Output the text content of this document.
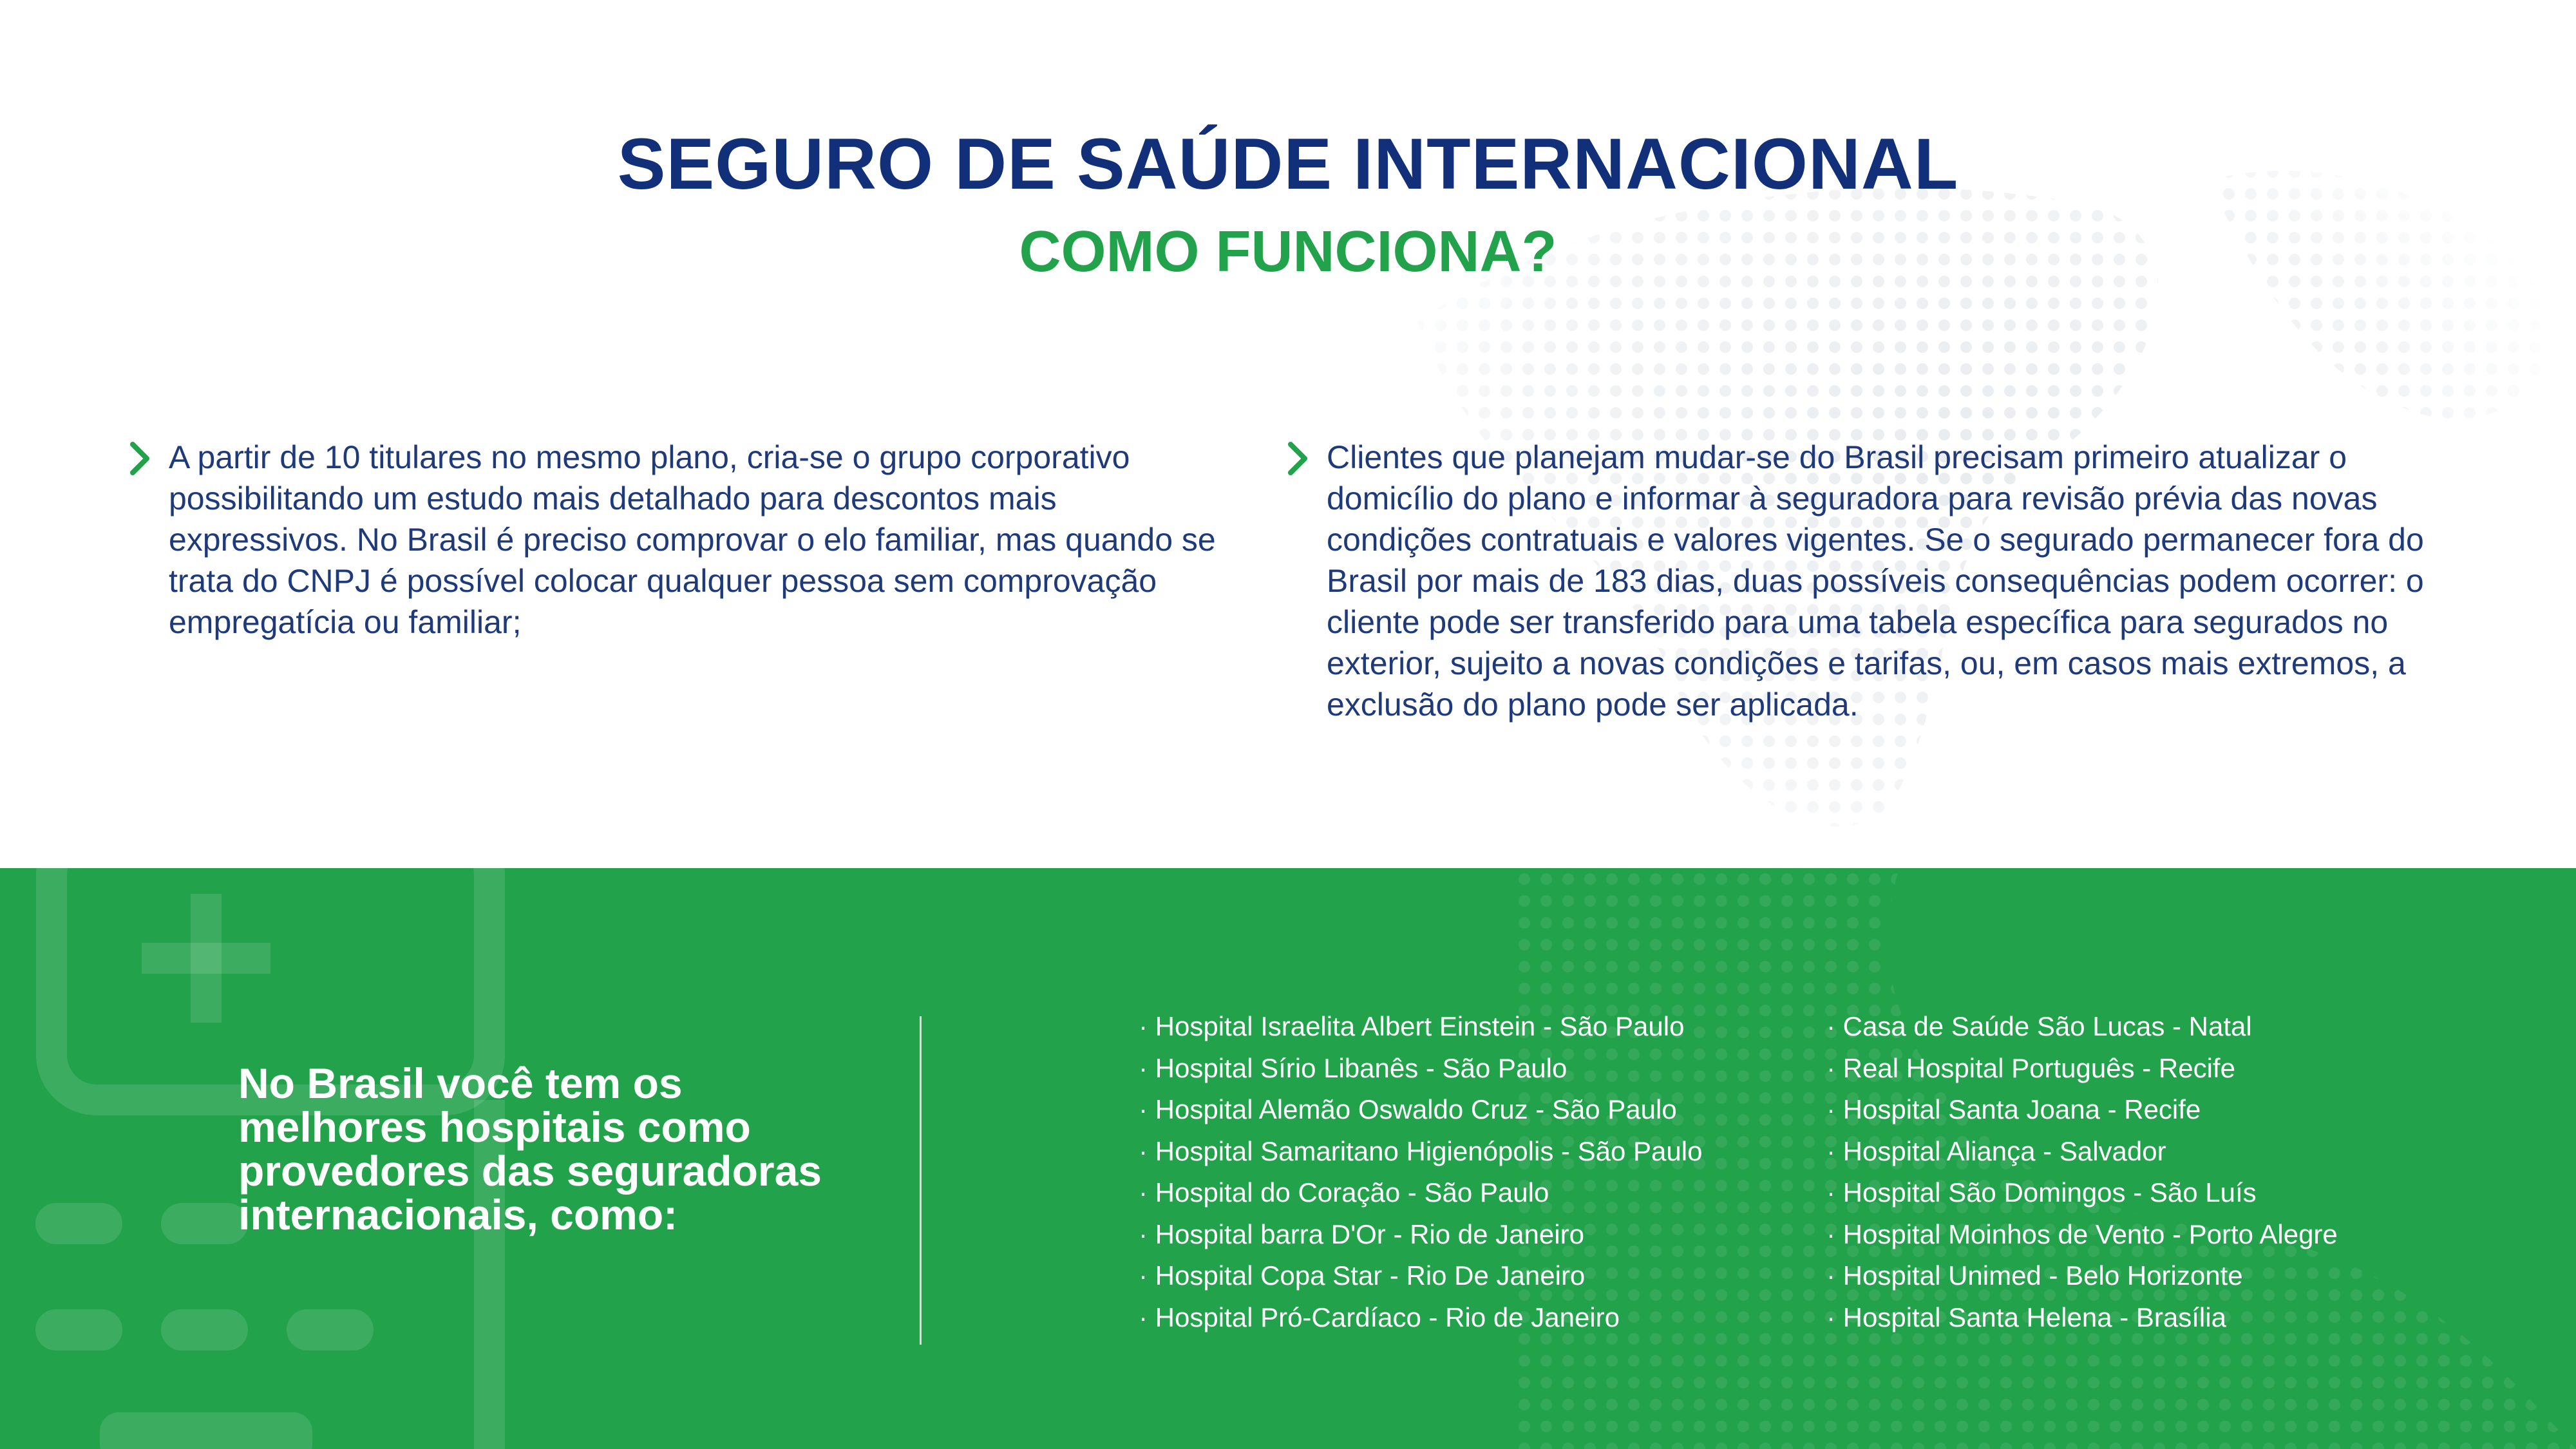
SEGURO DE SAÚDE INTERNACIONAL
COMO FUNCIONA?

A partir de 10 titulares no mesmo plano, cria-se o grupo corporativo possibilitando um estudo mais detalhado para descontos mais expressivos. No Brasil é preciso comprovar o elo familiar, mas quando se trata do CNPJ é possível colocar qualquer pessoa sem comprovação empregatícia ou familiar;

Clientes que planejam mudar-se do Brasil precisam primeiro atualizar o domicílio do plano e informar à seguradora para revisão prévia das novas condições contratuais e valores vigentes. Se o segurado permanecer fora do Brasil por mais de 183 dias, duas possíveis consequências podem ocorrer: o cliente pode ser transferido para uma tabela específica para segurados no exterior, sujeito a novas condições e tarifas, ou, em casos mais extremos, a exclusão do plano pode ser aplicada.

No Brasil você tem os melhores hospitais como provedores das seguradoras internacionais, como:

· Hospital Israelita Albert Einstein - São Paulo
· Hospital Sírio Libanês - São Paulo
· Hospital Alemão Oswaldo Cruz - São Paulo
· Hospital Samaritano Higienópolis - São Paulo
· Hospital do Coração - São Paulo
· Hospital barra D'Or - Rio de Janeiro
· Hospital Copa Star - Rio De Janeiro
· Hospital Pró-Cardíaco - Rio de Janeiro
· Casa de Saúde São Lucas - Natal
· Real Hospital Português - Recife
· Hospital Santa Joana - Recife
· Hospital Aliança - Salvador
· Hospital São Domingos - São Luís
· Hospital Moinhos de Vento - Porto Alegre
· Hospital Unimed - Belo Horizonte
· Hospital Santa Helena - Brasília
